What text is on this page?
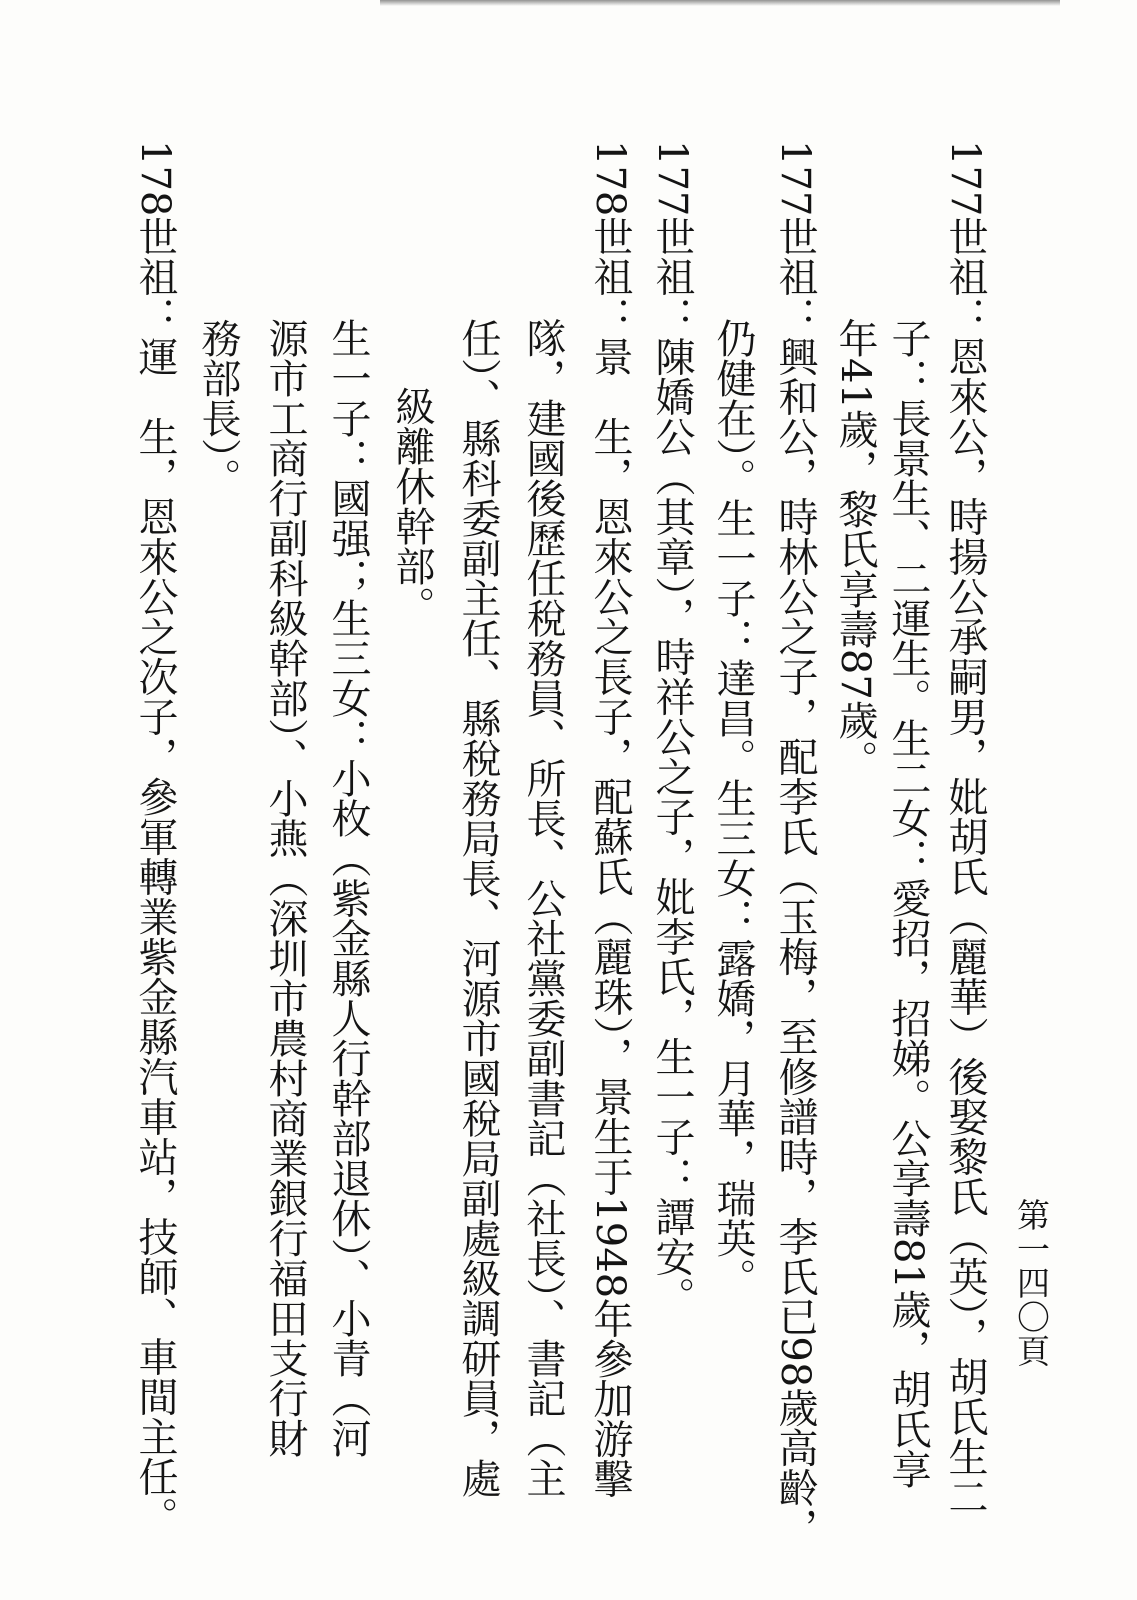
第一四〇頁
177世祖：恩來公，時揚公承嗣男，妣胡氏（麗華）後娶黎氏（英），胡氏生二
子：長景生、二運生。生二女：愛招，招娣。公享壽81歲，胡氏享
年41歲，黎氏享壽87歲。
177世祖：興和公，時林公之子，配李氏（玉梅，至修譜時，李氏已98歲高齡，
仍健在）。生一子：達昌。生三女：露嬌，月華，瑞英。
177世祖：陳嬌公（其章），時祥公之子，妣李氏，生一子：譚安。
178世祖：景　生，恩來公之長子，配蘇氏（麗珠），景生于1948年參加游擊
隊，建國後歷任稅務員、所長、公社黨委副書記（社長）、書記（主
任）、縣科委副主任、縣稅務局長、河源市國稅局副處級調研員，處
級離休幹部。
生一子：國强；生三女：小枚（紫金縣人行幹部退休）、小青（河
源市工商行副科級幹部）、小燕（深圳市農村商業銀行福田支行財
務部長）。
178世祖：運　生，恩來公之次子，參軍轉業紫金縣汽車站，技師、車間主任。
